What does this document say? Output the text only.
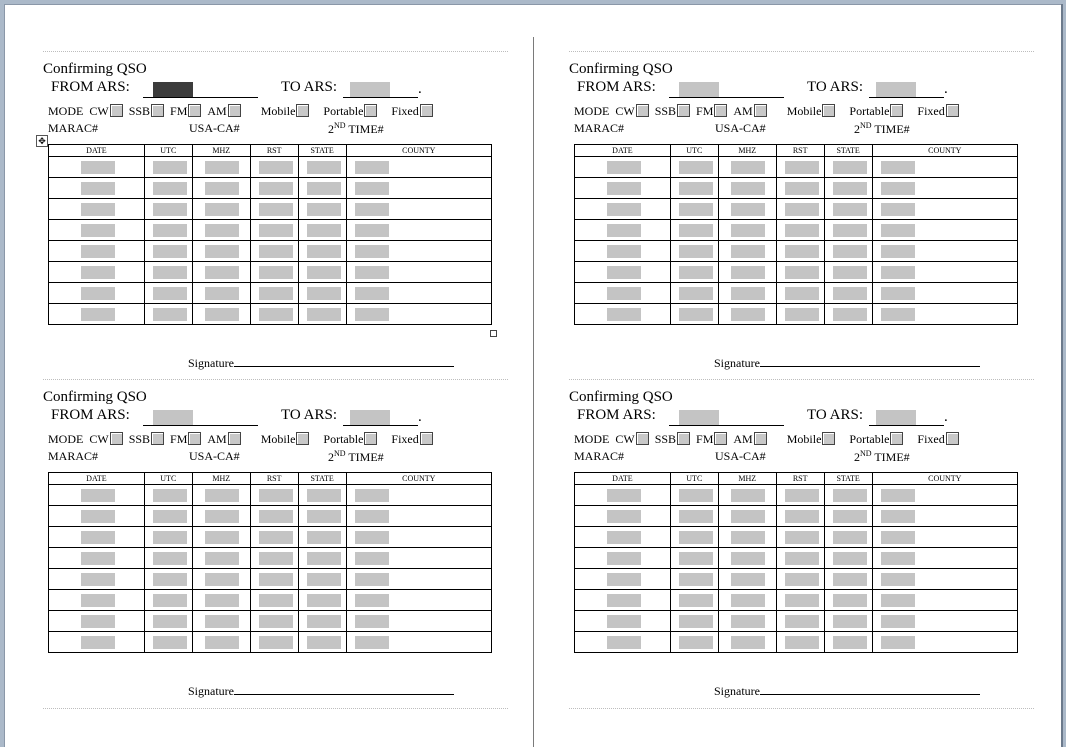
Confirming QSO
FROM ARS:	TO ARS:	.
MODE CW SSB FM AM	Mobile Portable Fixed
MARAC#	USA-CA#	2ND TIME#
DATE	UTC	MHZ	RST	STATE	COUNTY

Signature
Confirming QSO
FROM ARS:	TO ARS:	.
MODE CW SSB FM AM	Mobile Portable Fixed
MARAC#	USA-CA#	2ND TIME#
DATE	UTC	MHZ	RST	STATE	COUNTY

Signature
Confirming QSO
FROM ARS:	TO ARS:	.
MODE CW SSB FM AM	Mobile Portable Fixed
MARAC#	USA-CA#	2ND TIME#
DATE	UTC	MHZ	RST	STATE	COUNTY

Signature
Confirming QSO
FROM ARS:	TO ARS:	.
MODE CW SSB FM AM	Mobile Portable Fixed
MARAC#	USA-CA#	2ND TIME#
DATE	UTC	MHZ	RST	STATE	COUNTY

Signature
✥
